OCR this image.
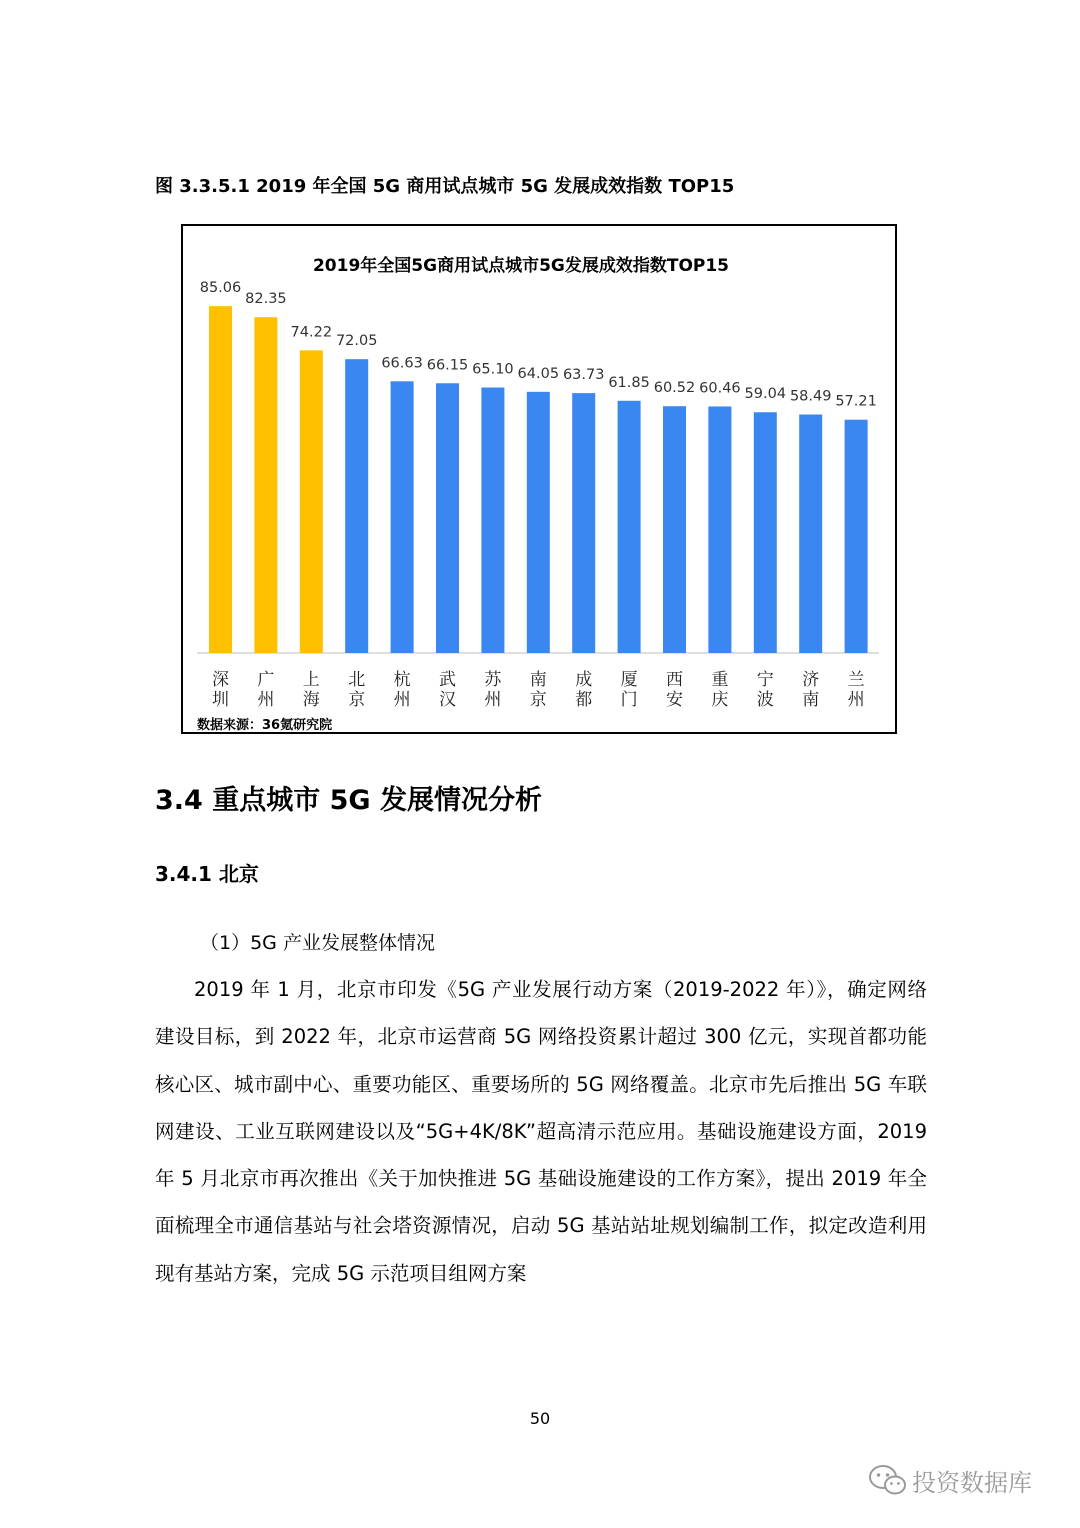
图 3.3.5.1 2019 年全国 5G 商用试点城市 5G 发展成效指数 TOP15
2019年全国5G商用试点城市5G发展成效指数TOP15
85.06
深圳
82.35
广州
74.22
上海
72.05
北京
66.63
杭州
66.15
武汉
65.10
苏州
64.05
南京
63.73
成都
61.85
厦门
60.52
西安
60.46
重庆
59.04
宁波
58.49
济南
57.21
兰州
数据来源：36氪研究院
3.4 重点城市 5G 发展情况分析
3.4.1 北京
（1）5G 产业发展整体情况
2019 年 1 月，北京市印发《5G 产业发展行动方案（2019-2022 年）》，确定网络建设目标，到 2022 年，北京市运营商 5G 网络投资累计超过 300 亿元，实现首都功能核心区、城市副中心、重要功能区、重要场所的 5G 网络覆盖。北京市先后推出 5G 车联网建设、工业互联网建设以及“5G+4K/8K”超高清示范应用。基础设施建设方面，2019 年 5 月北京市再次推出《关于加快推进 5G 基础设施建设的工作方案》，提出 2019 年全面梳理全市通信基站与社会塔资源情况，启动 5G 基站站址规划编制工作，拟定改造利用现有基站方案，完成 5G 示范项目组网方案
50
投资数据库
